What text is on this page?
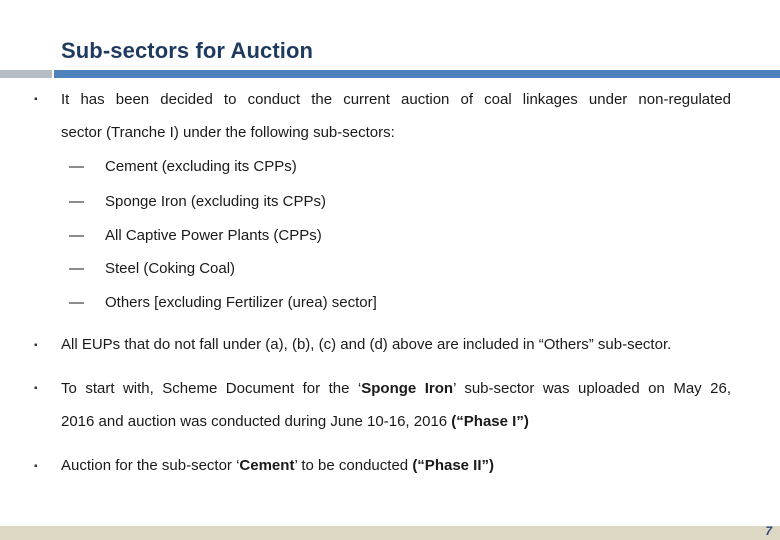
Sub-sectors for Auction
▪ It has been decided to conduct the current auction of coal linkages under non-regulated
sector (Tranche I) under the following sub-sectors:
— Cement (excluding its CPPs)
— Sponge Iron (excluding its CPPs)
— All Captive Power Plants (CPPs)
— Steel (Coking Coal)
— Others [excluding Fertilizer (urea) sector]
▪ All EUPs that do not fall under (a), (b), (c) and (d) above are included in “Others” sub-sector.
▪ To start with, Scheme Document for the ‘Sponge Iron’ sub-sector was uploaded on May 26,
2016 and auction was conducted during June 10-16, 2016 (“Phase I”)
▪ Auction for the sub-sector ‘Cement’ to be conducted (“Phase II”)
7
